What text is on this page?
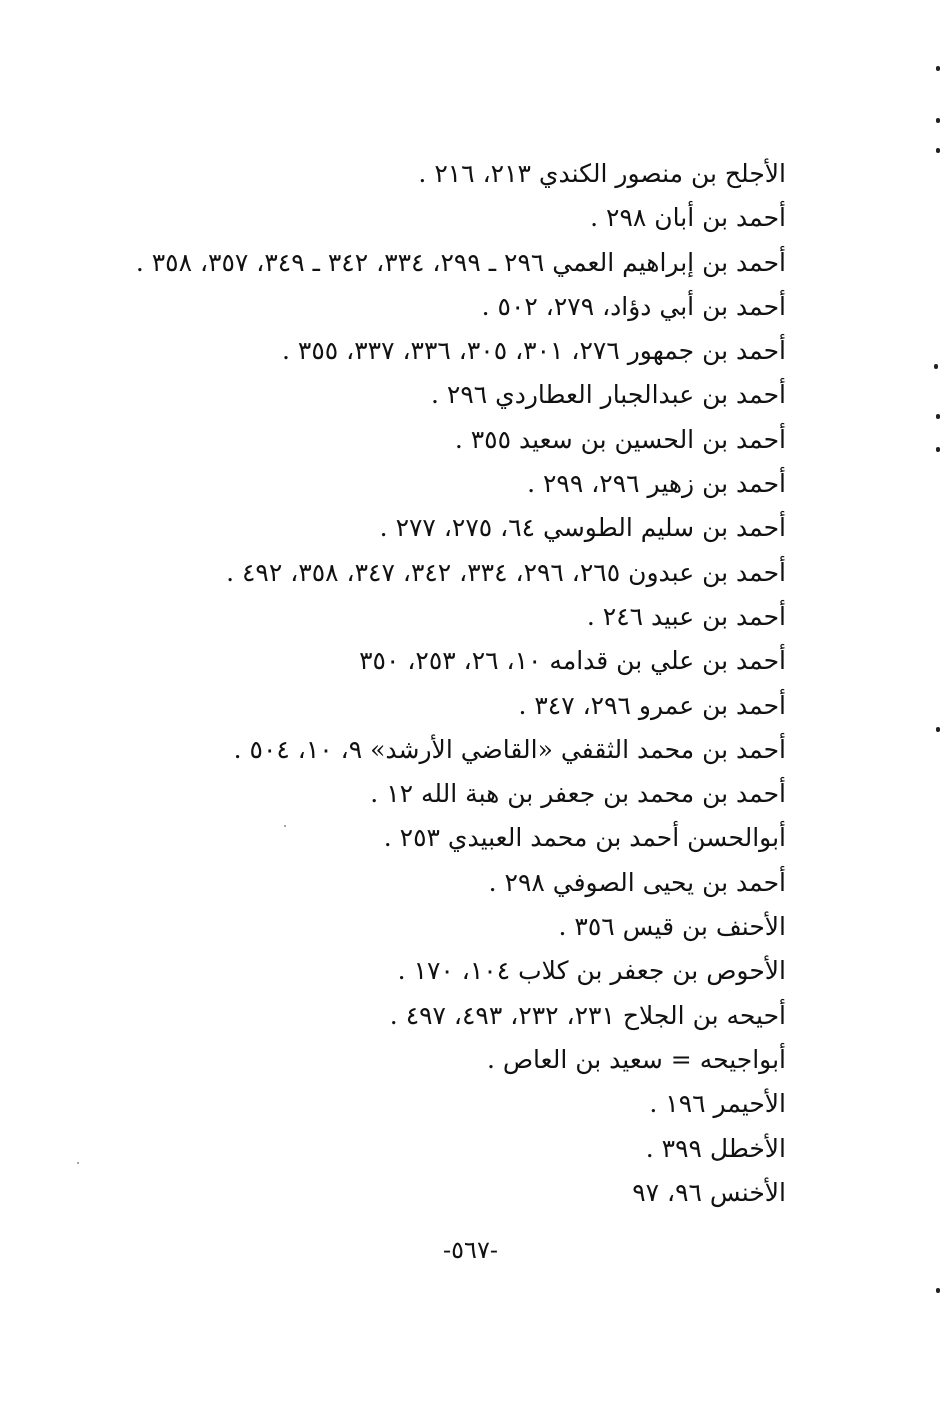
الأجلح بن منصور الكندي ٢١٣، ٢١٦ .
أحمد بن أبان ٢٩٨ .
أحمد بن إبراهيم العمي ٢٩٦ ـ ٢٩٩، ٣٣٤، ٣٤٢ ـ ٣٤٩، ٣٥٧، ٣٥٨ .
أحمد بن أبي دؤاد، ٢٧٩، ٥٠٢ .
أحمد بن جمهور ٢٧٦، ٣٠١، ٣٠٥، ٣٣٦، ٣٣٧، ٣٥٥ .
أحمد بن عبدالجبار العطاردي ٢٩٦ .
أحمد بن الحسين بن سعيد ٣٥٥ .
أحمد بن زهير ٢٩٦، ٢٩٩ .
أحمد بن سليم الطوسي ٦٤، ٢٧٥، ٢٧٧ .
أحمد بن عبدون ٢٦٥، ٢٩٦، ٣٣٤، ٣٤٢، ٣٤٧، ٣٥٨، ٤٩٢ .
أحمد بن عبيد ٢٤٦ .
أحمد بن علي بن قدامه ١٠، ٢٦، ٢٥٣، ٣٥٠
أحمد بن عمرو ٢٩٦، ٣٤٧ .
أحمد بن محمد الثقفي «القاضي الأرشد» ٩، ١٠، ٥٠٤ .
أحمد بن محمد بن جعفر بن هبة الله ١٢ .
أبوالحسن أحمد بن محمد العبيدي ٢٥٣ .
أحمد بن يحيى الصوفي ٢٩٨ .
الأحنف بن قيس ٣٥٦ .
الأحوص بن جعفر بن كلاب ١٠٤، ١٧٠ .
أحيحه بن الجلاح ٢٣١، ٢٣٢، ٤٩٣، ٤٩٧ .
أبواجيحه = سعيد بن العاص .
الأحيمر ١٩٦ .
الأخطل ٣٩٩ .
الأخنس ٩٦، ٩٧
-٥٦٧-
